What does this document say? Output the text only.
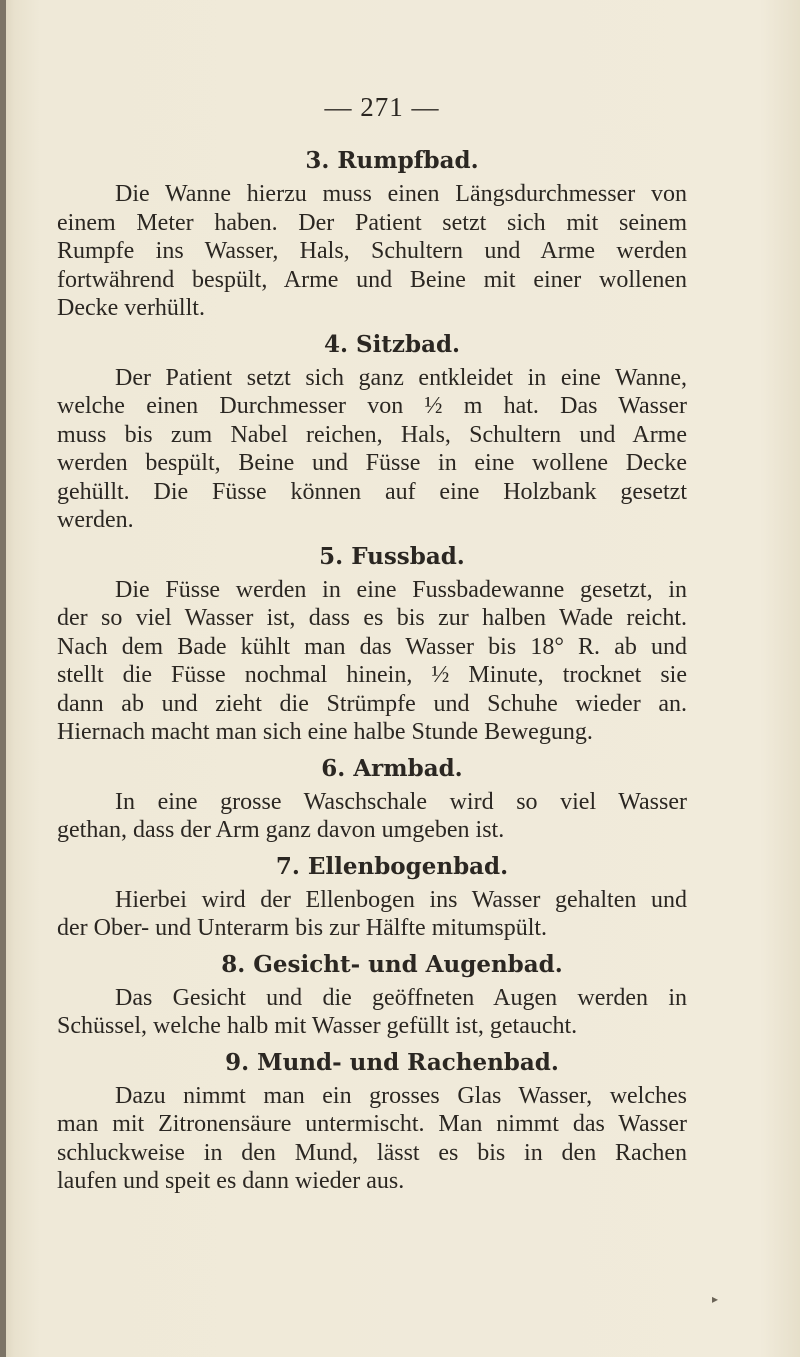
— 271 —
3. Rumpfbad.
Die Wanne hierzu muss einen Längsdurchmesser von
einem Meter haben. Der Patient setzt sich mit seinem
Rumpfe ins Wasser, Hals, Schultern und Arme werden
fortwährend bespült, Arme und Beine mit einer wollenen
Decke verhüllt.
4. Sitzbad.
Der Patient setzt sich ganz entkleidet in eine Wanne,
welche einen Durchmesser von ½ m hat. Das Wasser
muss bis zum Nabel reichen, Hals, Schultern und Arme
werden bespült, Beine und Füsse in eine wollene Decke
gehüllt. Die Füsse können auf eine Holzbank gesetzt
werden.
5. Fussbad.
Die Füsse werden in eine Fussbadewanne gesetzt, in
der so viel Wasser ist, dass es bis zur halben Wade reicht.
Nach dem Bade kühlt man das Wasser bis 18° R. ab und
stellt die Füsse nochmal hinein, ½ Minute, trocknet sie
dann ab und zieht die Strümpfe und Schuhe wieder an.
Hiernach macht man sich eine halbe Stunde Bewegung.
6. Armbad.
In eine grosse Waschschale wird so viel Wasser
gethan, dass der Arm ganz davon umgeben ist.
7. Ellenbogenbad.
Hierbei wird der Ellenbogen ins Wasser gehalten und
der Ober- und Unterarm bis zur Hälfte mitumspült.
8. Gesicht- und Augenbad.
Das Gesicht und die geöffneten Augen werden in
Schüssel, welche halb mit Wasser gefüllt ist, getaucht.
9. Mund- und Rachenbad.
Dazu nimmt man ein grosses Glas Wasser, welches
man mit Zitronensäure untermischt. Man nimmt das Wasser
schluckweise in den Mund, lässt es bis in den Rachen
laufen und speit es dann wieder aus.
▸
